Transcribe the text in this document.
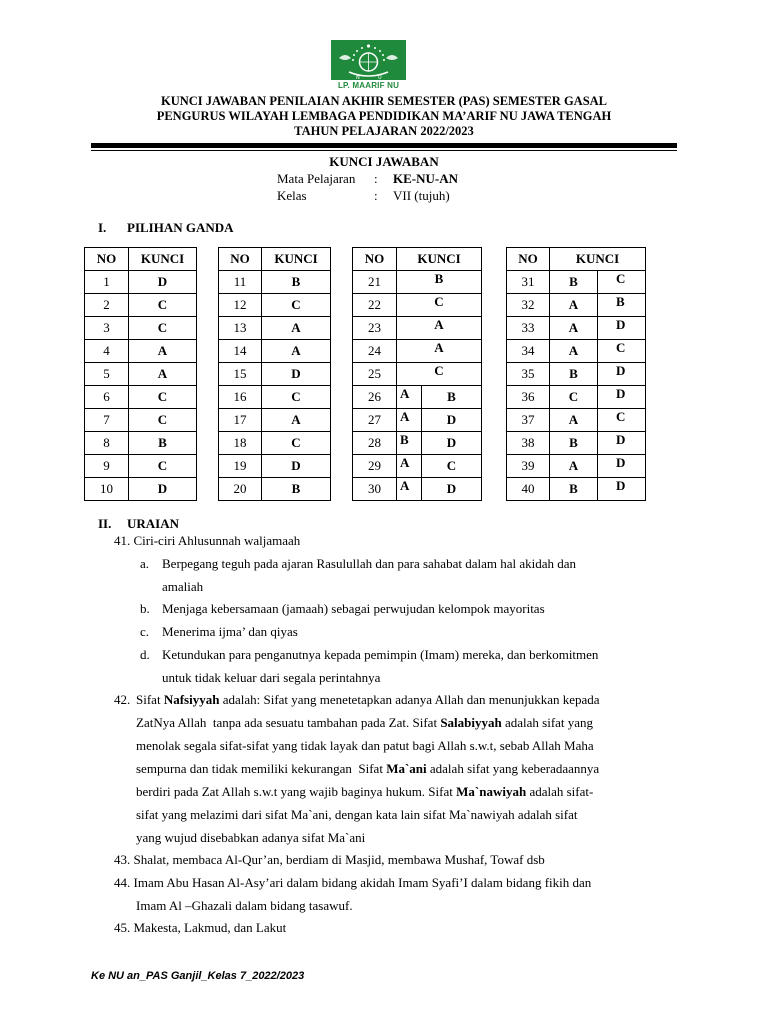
N	U
LP. MAARIF NU
KUNCI JAWABAN PENILAIAN AKHIR SEMESTER (PAS) SEMESTER GASAL
PENGURUS WILAYAH LEMBAGA PENDIDIKAN MA’ARIF NU JAWA TENGAH
TAHUN PELAJARAN 2022/2023
KUNCI JAWABAN
Mata Pelajaran : KE-NU-AN
Kelas	: VII (tujuh)
I. PILIHAN GANDA
NO	KUNCI
1	D
2	C
3	C
4	A
5	A
6	C
7	C
8	B
9	C
10	D
NO	KUNCI
11	B
12	C
13	A
14	A
15	D
16	C
17	A
18	C
19	D
20	B
NO	KUNCI	
21	B	
22	C	
23	A	
24	A	
25	C	
26	A	B
27	A	D
28	B	D
29	A	C
30	A	D
NO	KUNCI	
31	B	C
32	A	B
33	A	D
34	A	C
35	B	D
36	C	D
37	A	C
38	B	D
39	A	D
40	B	D
II. URAIAN
41. Ciri-ciri Ahlusunnah waljamaah
a. Berpegang teguh pada ajaran Rasulullah dan para sahabat dalam hal akidah dan
amaliah
b. Menjaga kebersamaan (jamaah) sebagai perwujudan kelompok mayoritas
c. Menerima ijma’ dan qiyas
d. Ketundukan para penganutnya kepada pemimpin (Imam) mereka, dan berkomitmen
untuk tidak keluar dari segala perintahnya
42. Sifat Nafsiyyah adalah: Sifat yang menetetapkan adanya Allah dan menunjukkan kepada
ZatNya Allah  tanpa ada sesuatu tambahan pada Zat. Sifat Salabiyyah adalah sifat yang
menolak segala sifat-sifat yang tidak layak dan patut bagi Allah s.w.t, sebab Allah Maha
sempurna dan tidak memiliki kekurangan  Sifat Ma`ani adalah sifat yang keberadaannya
berdiri pada Zat Allah s.w.t yang wajib baginya hukum. Sifat Ma`nawiyah adalah sifat-
sifat yang melazimi dari sifat Ma`ani, dengan kata lain sifat Ma`nawiyah adalah sifat
yang wujud disebabkan adanya sifat Ma`ani
43. Shalat, membaca Al-Qur’an, berdiam di Masjid, membawa Mushaf, Towaf dsb
44. Imam Abu Hasan Al-Asy’ari dalam bidang akidah Imam Syafi’I dalam bidang fikih dan
Imam Al –Ghazali dalam bidang tasawuf.
45. Makesta, Lakmud, dan Lakut
Ke NU an_PAS Ganjil_Kelas 7_2022/2023
